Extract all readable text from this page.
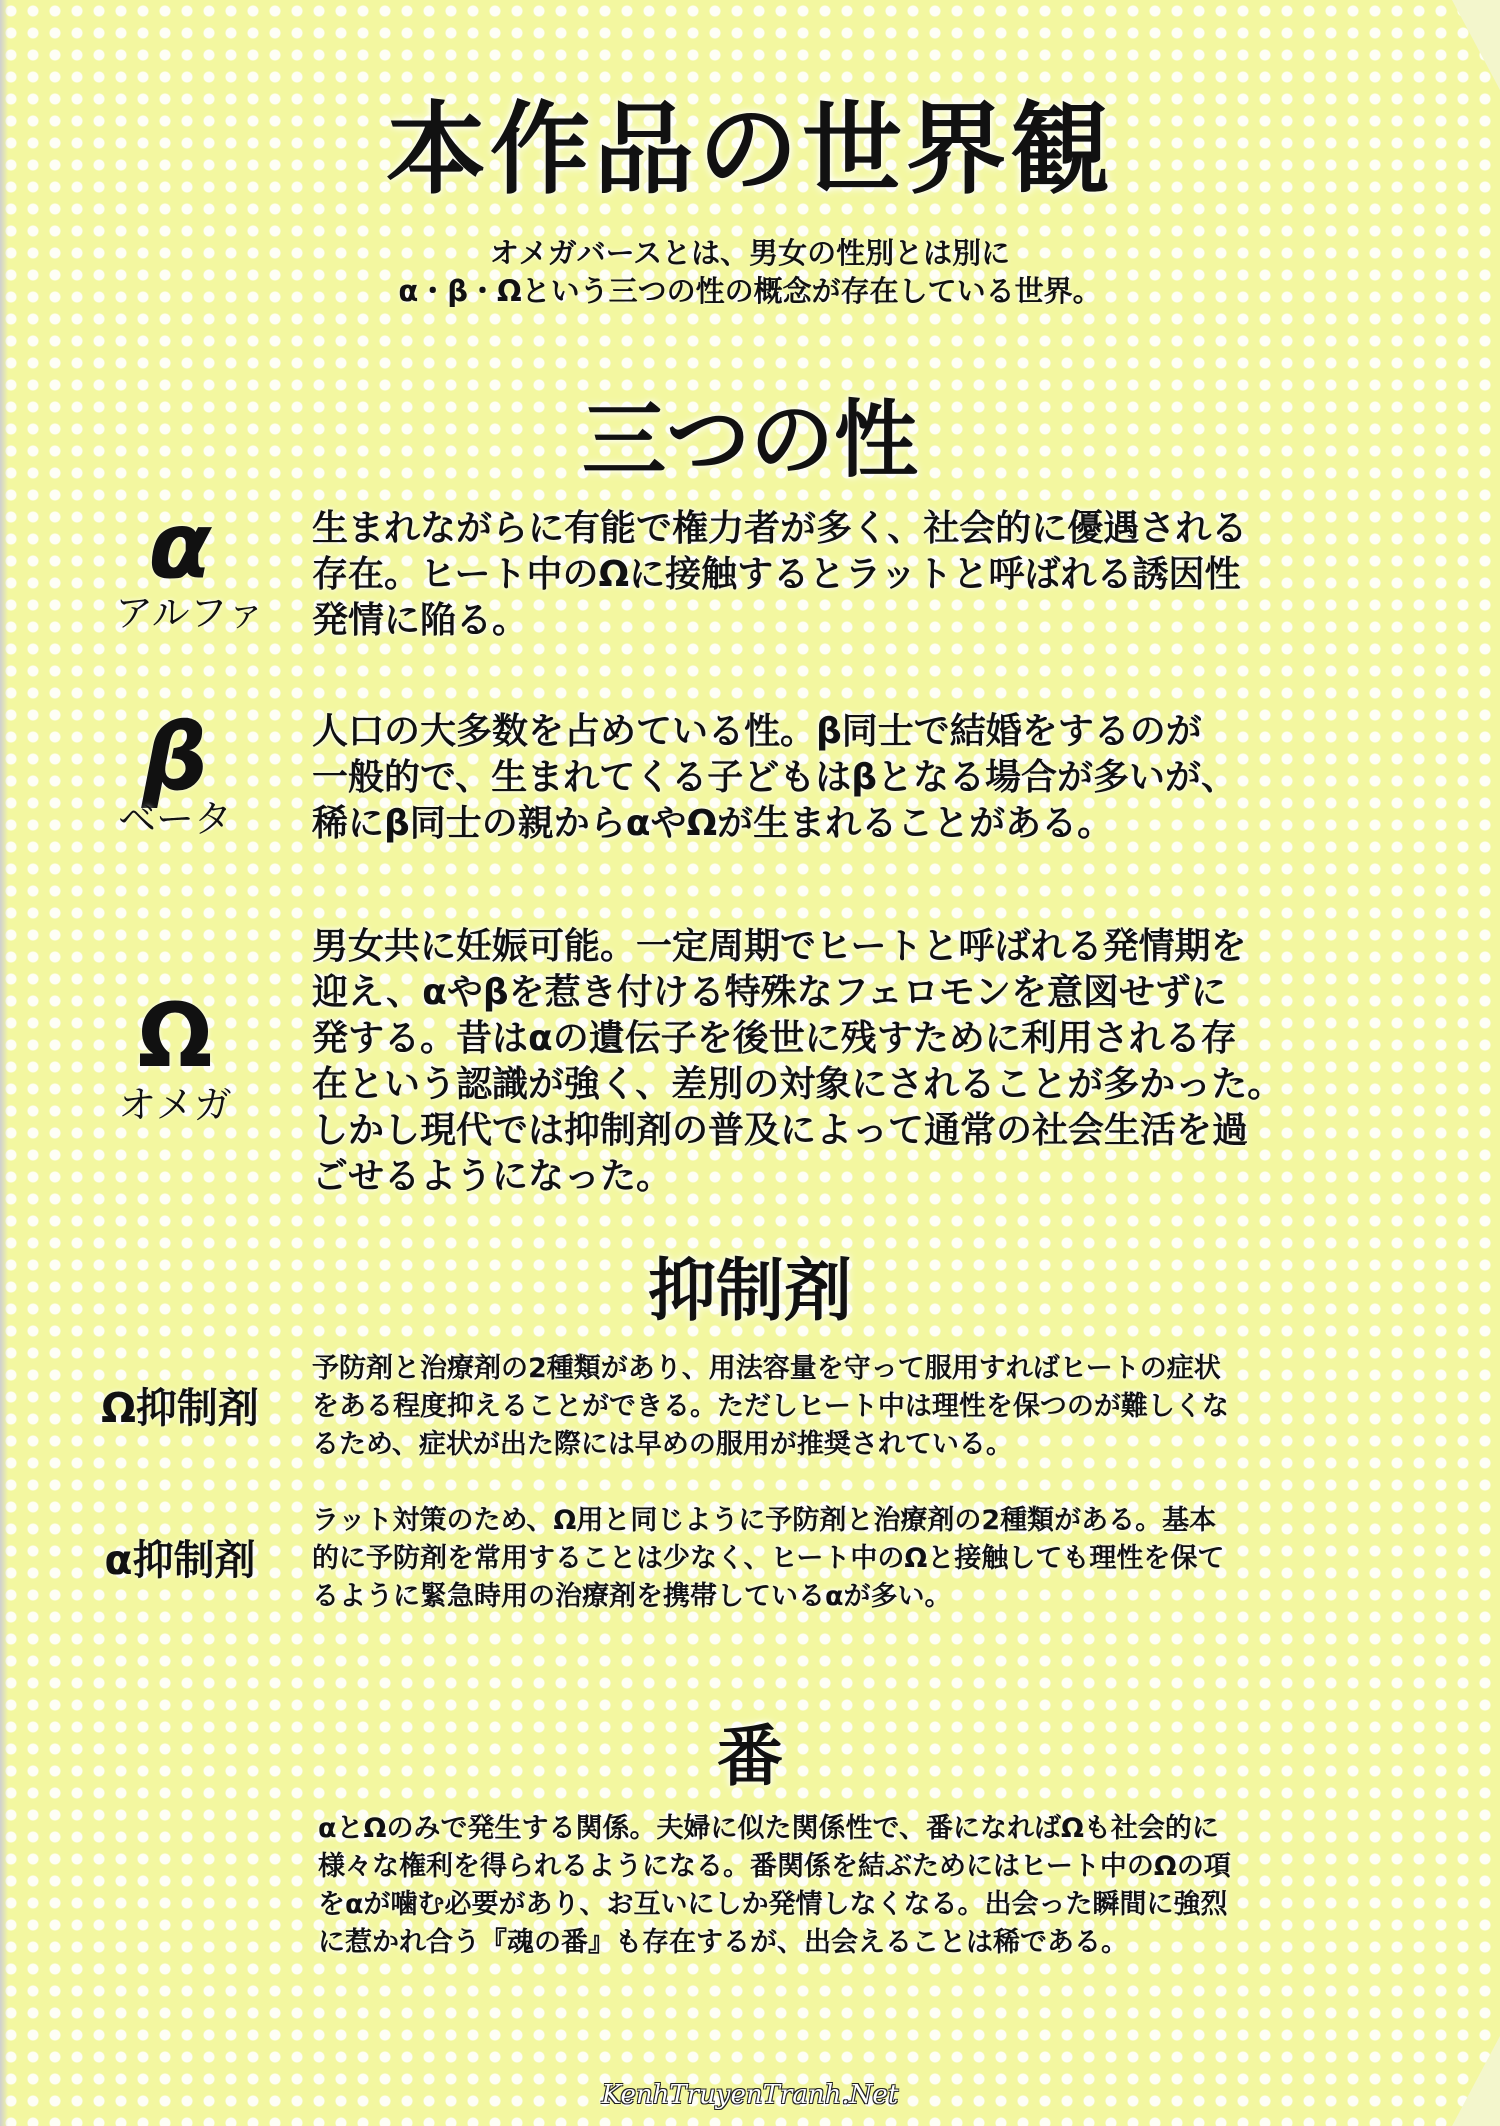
本作品の世界観
オメガバースとは、男女の性別とは別に
α・β・Ωという三つの性の概念が存在している世界。
三つの性
α
アルファ
生まれながらに有能で権力者が多く、社会的に優遇される
存在。ヒート中のΩに接触するとラットと呼ばれる誘因性
発情に陥る。
β
ベータ
人口の大多数を占めている性。β同士で結婚をするのが
一般的で、生まれてくる子どもはβとなる場合が多いが、
稀にβ同士の親からαやΩが生まれることがある。
Ω
オメガ
男女共に妊娠可能。一定周期でヒートと呼ばれる発情期を
迎え、αやβを惹き付ける特殊なフェロモンを意図せずに
発する。昔はαの遺伝子を後世に残すために利用される存
在という認識が強く、差別の対象にされることが多かった。
しかし現代では抑制剤の普及によって通常の社会生活を過
ごせるようになった。
抑制剤
Ω抑制剤
予防剤と治療剤の2種類があり、用法容量を守って服用すればヒートの症状
をある程度抑えることができる。ただしヒート中は理性を保つのが難しくな
るため、症状が出た際には早めの服用が推奨されている。
α抑制剤
ラット対策のため、Ω用と同じように予防剤と治療剤の2種類がある。基本
的に予防剤を常用することは少なく、ヒート中のΩと接触しても理性を保て
るように緊急時用の治療剤を携帯しているαが多い。
番
αとΩのみで発生する関係。夫婦に似た関係性で、番になればΩも社会的に
様々な権利を得られるようになる。番関係を結ぶためにはヒート中のΩの項
をαが噛む必要があり、お互いにしか発情しなくなる。出会った瞬間に強烈
に惹かれ合う『魂の番』も存在するが、出会えることは稀である。
KenhTruyenTranh.Net
